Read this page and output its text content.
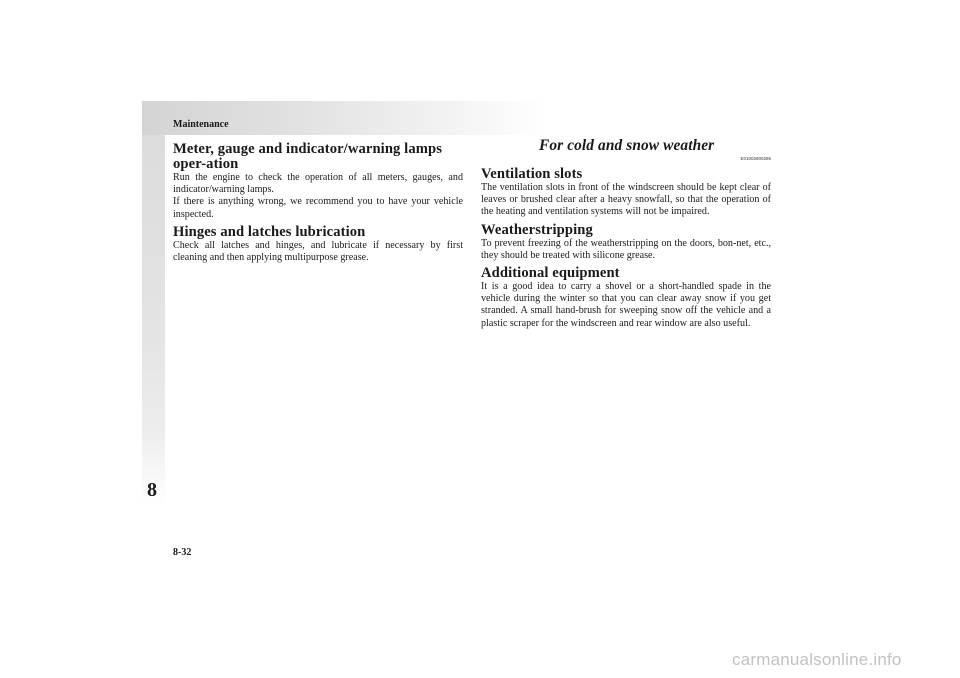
Maintenance
8
8-32
Meter, gauge and indicator/warning lamps oper-ation

Run the engine to check the operation of all meters, gauges, and indicator/warning lamps.

If there is anything wrong, we recommend you to have your vehicle inspected.

Hinges and latches lubrication

Check all latches and hinges, and lubricate if necessary by first cleaning and then applying multipurpose grease.

For cold and snow weather
E01002800286
Ventilation slots

The ventilation slots in front of the windscreen should be kept clear of leaves or brushed clear after a heavy snowfall, so that the operation of the heating and ventilation systems will not be impaired.

Weatherstripping

To prevent freezing of the weatherstripping on the doors, bon-net, etc., they should be treated with silicone grease.

Additional equipment

It is a good idea to carry a shovel or a short-handled spade in the vehicle during the winter so that you can clear away snow if you get stranded. A small hand-brush for sweeping snow off the vehicle and a plastic scraper for the windscreen and rear window are also useful.

carmanualsonline.info
